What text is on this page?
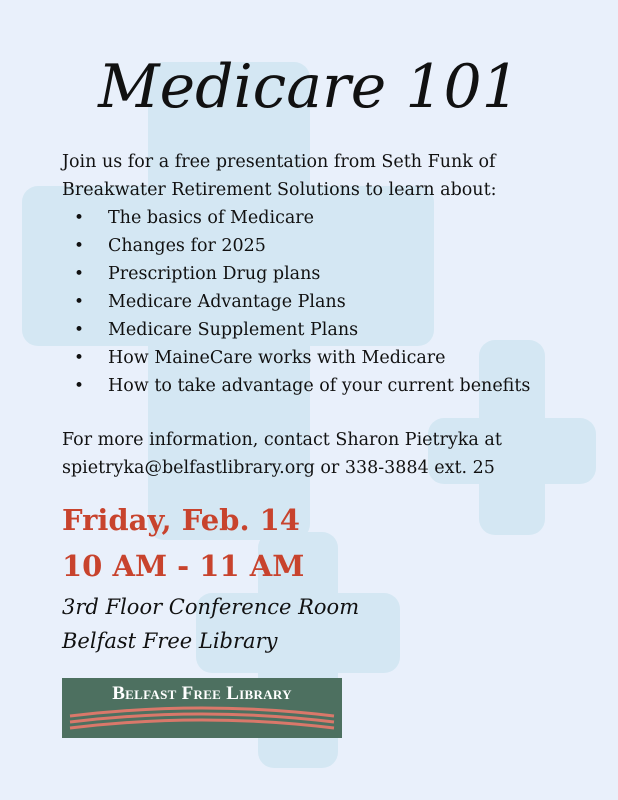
Medicare 101
Join us for a free presentation from Seth Funk of Breakwater Retirement Solutions to learn about:
• The basics of Medicare
• Changes for 2025
• Prescription Drug plans
• Medicare Advantage Plans
• Medicare Supplement Plans
• How MaineCare works with Medicare
• How to take advantage of your current benefits
For more information, contact Sharon Pietryka at spietryka@belfastlibrary.org or 338-3884 ext. 25
Friday, Feb. 14
10 AM - 11 AM
3rd Floor Conference Room
Belfast Free Library
Belfast Free Library
